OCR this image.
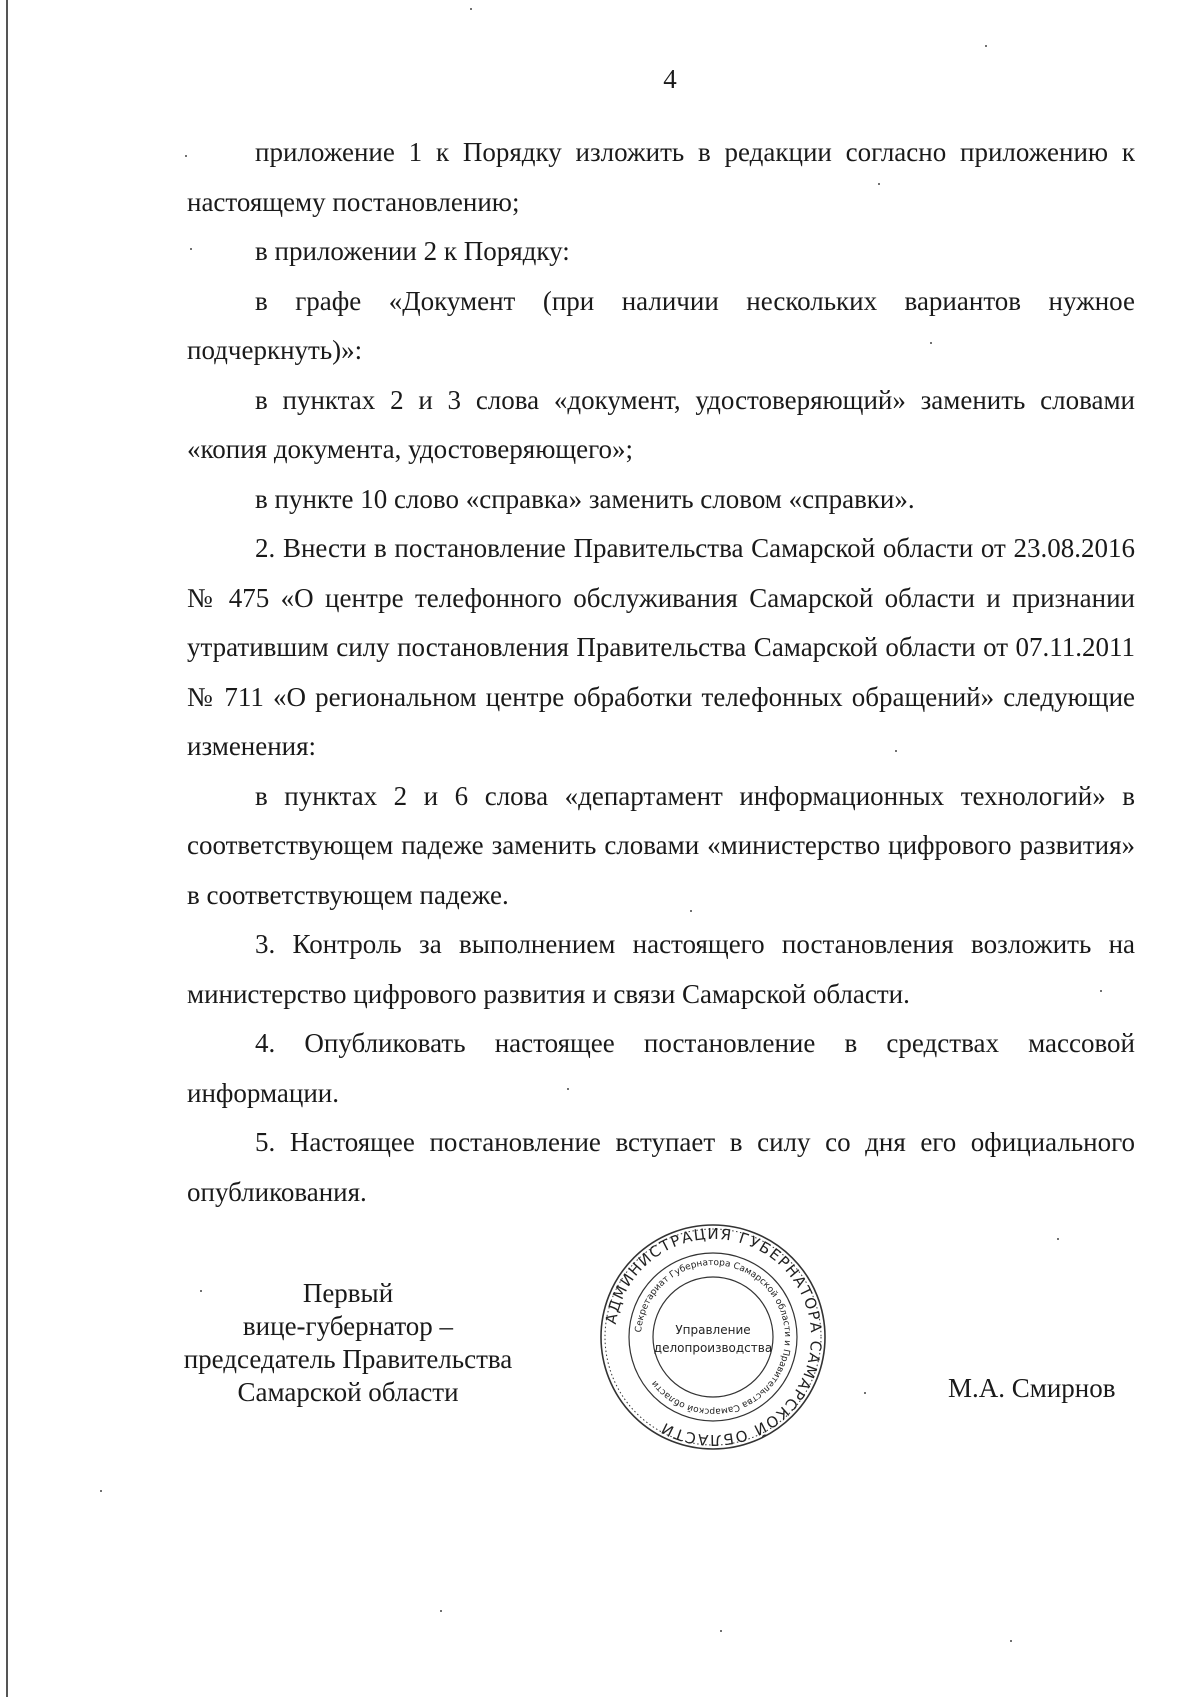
4

приложение 1 к Порядку изложить в редакции согласно приложению к настоящему постановлению;

в приложении 2 к Порядку:

в графе «Документ (при наличии нескольких вариантов нужное подчеркнуть)»:

в пунктах 2 и 3 слова «документ, удостоверяющий» заменить словами «копия документа, удостоверяющего»;

в пункте 10 слово «справка» заменить словом «справки».

2. Внести в постановление Правительства Самарской области от 23.08.2016 № 475 «О центре телефонного обслуживания Самарской области и признании утратившим силу постановления Правительства Самарской области от 07.11.2011 № 711 «О региональном центре обработки телефонных обращений» следующие изменения:

в пунктах 2 и 6 слова «департамент информационных технологий» в соответствующем падеже заменить словами «министерство цифрового развития» в соответствующем падеже.

3. Контроль за выполнением настоящего постановления возложить на министерство цифрового развития и связи Самарской области.

4. Опубликовать настоящее постановление в средствах массовой информации.

5. Настоящее постановление вступает в силу со дня его официального опубликования.

Первый
вице-губернатор –
председатель Правительства
Самарской области
АДМИНИСТРАЦИЯ ГУБЕРНАТОРА САМАРСКОЙ ОБЛАСТИ
Секретариат Губернатора Самарской области и Правительства Самарской области
Управление
делопроизводства
М.А. Смирнов
